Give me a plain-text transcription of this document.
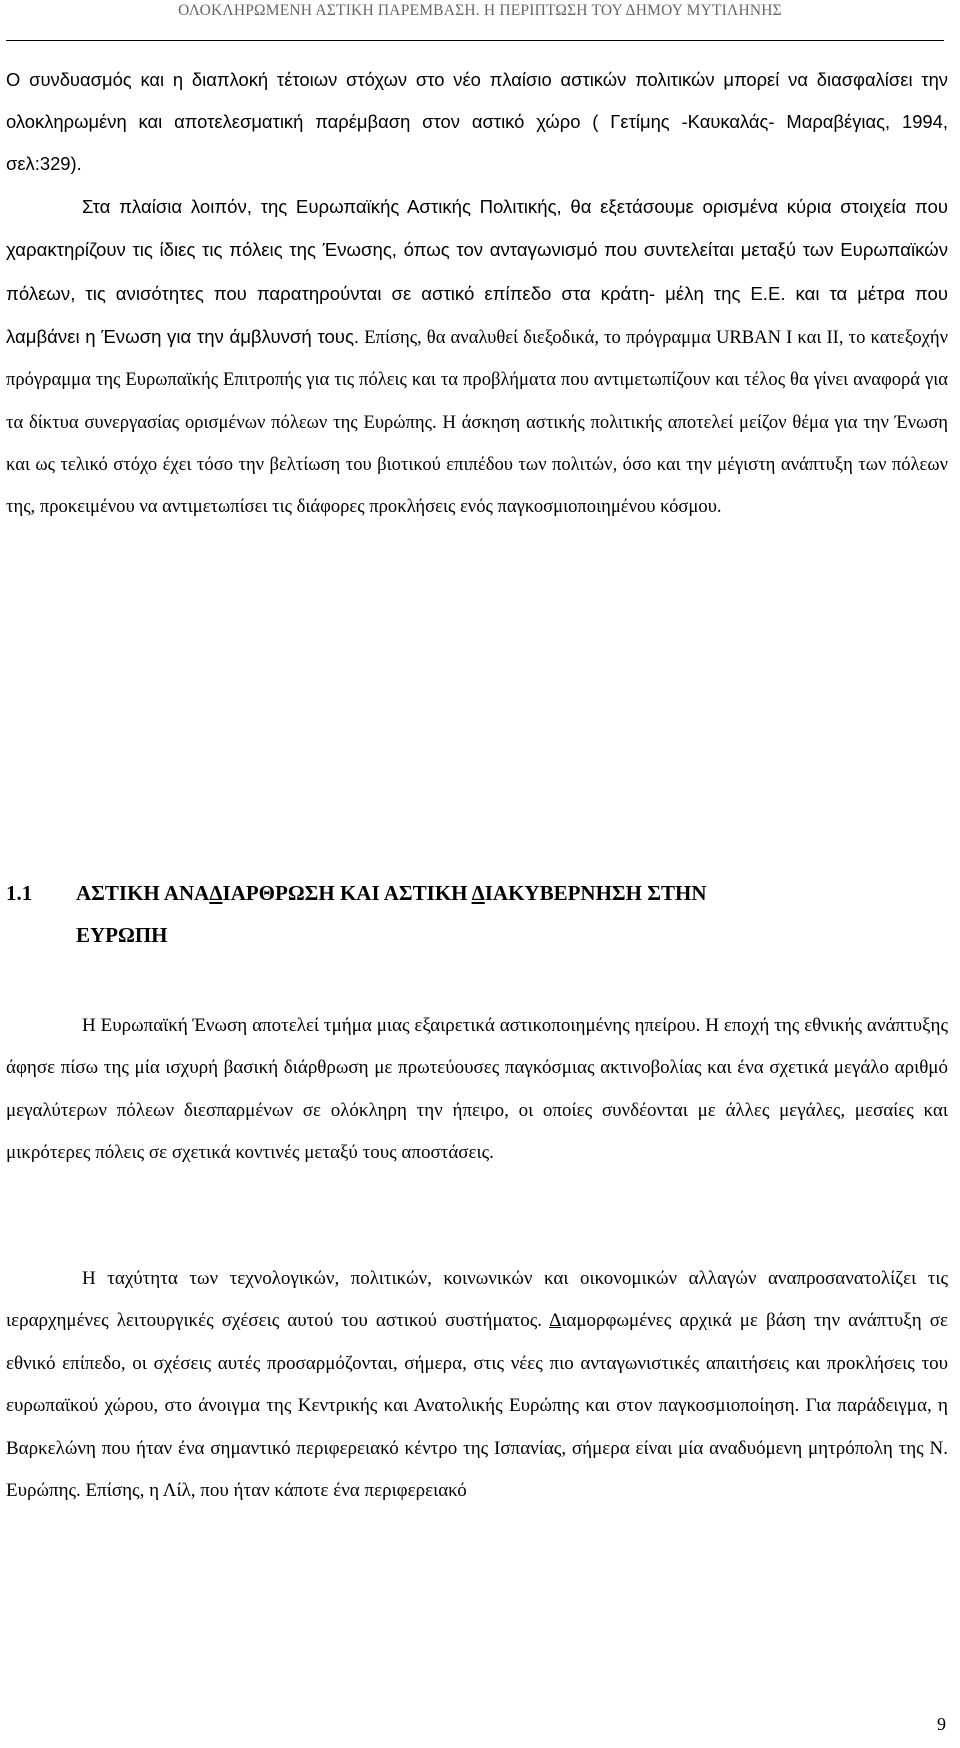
ΟΛΟΚΛΗΡΩΜΕΝΗ ΑΣΤΙΚΗ ΠΑΡΕΜΒΑΣΗ. Η ΠΕΡΙΠΤΩΣΗ ΤΟΥ ΔΗΜΟΥ ΜΥΤΙΛΗΝΗΣ

Ο συνδυασμός και η διαπλοκή τέτοιων στόχων στο νέο πλαίσιο αστικών πολιτικών μπορεί να διασφαλίσει την ολοκληρωμένη και αποτελεσματική παρέμβαση στον αστικό χώρο ( Γετίμης -Καυκαλάς- Μαραβέγιας, 1994, σελ:329).

Στα πλαίσια λοιπόν, της Ευρωπαϊκής Αστικής Πολιτικής, θα εξετάσουμε ορισμένα κύρια στοιχεία που χαρακτηρίζουν τις ίδιες τις πόλεις της Ένωσης, όπως τον ανταγωνισμό που συντελείται μεταξύ των Ευρωπαϊκών πόλεων, τις ανισότητες που παρατηρούνται σε αστικό επίπεδο στα κράτη- μέλη της Ε.Ε. και τα μέτρα που λαμβάνει η Ένωση για την άμβλυνσή τους. Επίσης, θα αναλυθεί διεξοδικά, το πρόγραμμα URBAN I και II, το κατεξοχήν πρόγραμμα της Ευρωπαϊκής Επιτροπής για τις πόλεις και τα προβλήματα που αντιμετωπίζουν και τέλος θα γίνει αναφορά για τα δίκτυα συνεργασίας ορισμένων πόλεων της Ευρώπης. Η άσκηση αστικής πολιτικής αποτελεί μείζον θέμα για την Ένωση και ως τελικό στόχο έχει τόσο την βελτίωση του βιοτικού επιπέδου των πολιτών, όσο και την μέγιστη ανάπτυξη των πόλεων της, προκειμένου να αντιμετωπίσει τις διάφορες προκλήσεις ενός παγκοσμιοποιημένου κόσμου.

1.1 ΑΣΤΙΚΗ ΑΝΑΔΙΑΡΘΡΩΣΗ ΚΑΙ ΑΣΤΙΚΗ ΔΙΑΚΥΒΕΡΝΗΣΗ ΣΤΗΝ
ΕΥΡΩΠΗ

Η Ευρωπαϊκή Ένωση αποτελεί τμήμα μιας εξαιρετικά αστικοποιημένης ηπείρου. Η εποχή της εθνικής ανάπτυξης άφησε πίσω της μία ισχυρή βασική διάρθρωση με πρωτεύουσες παγκόσμιας ακτινοβολίας και ένα σχετικά μεγάλο αριθμό μεγαλύτερων πόλεων διεσπαρμένων σε ολόκληρη την ήπειρο, οι οποίες συνδέονται με άλλες μεγάλες, μεσαίες και μικρότερες πόλεις σε σχετικά κοντινές μεταξύ τους αποστάσεις.

Η ταχύτητα των τεχνολογικών, πολιτικών, κοινωνικών και οικονομικών αλλαγών αναπροσανατολίζει τις ιεραρχημένες λειτουργικές σχέσεις αυτού του αστικού συστήματος. Διαμορφωμένες αρχικά με βάση την ανάπτυξη σε εθνικό επίπεδο, οι σχέσεις αυτές προσαρμόζονται, σήμερα, στις νέες πιο ανταγωνιστικές απαιτήσεις και προκλήσεις του ευρωπαϊκού χώρου, στο άνοιγμα της Κεντρικής και Ανατολικής Ευρώπης και στον παγκοσμιοποίηση. Για παράδειγμα, η Βαρκελώνη που ήταν ένα σημαντικό περιφερειακό κέντρο της Ισπανίας, σήμερα είναι μία αναδυόμενη μητρόπολη της Ν. Ευρώπης. Επίσης, η Λίλ, που ήταν κάποτε ένα περιφερειακό

9
